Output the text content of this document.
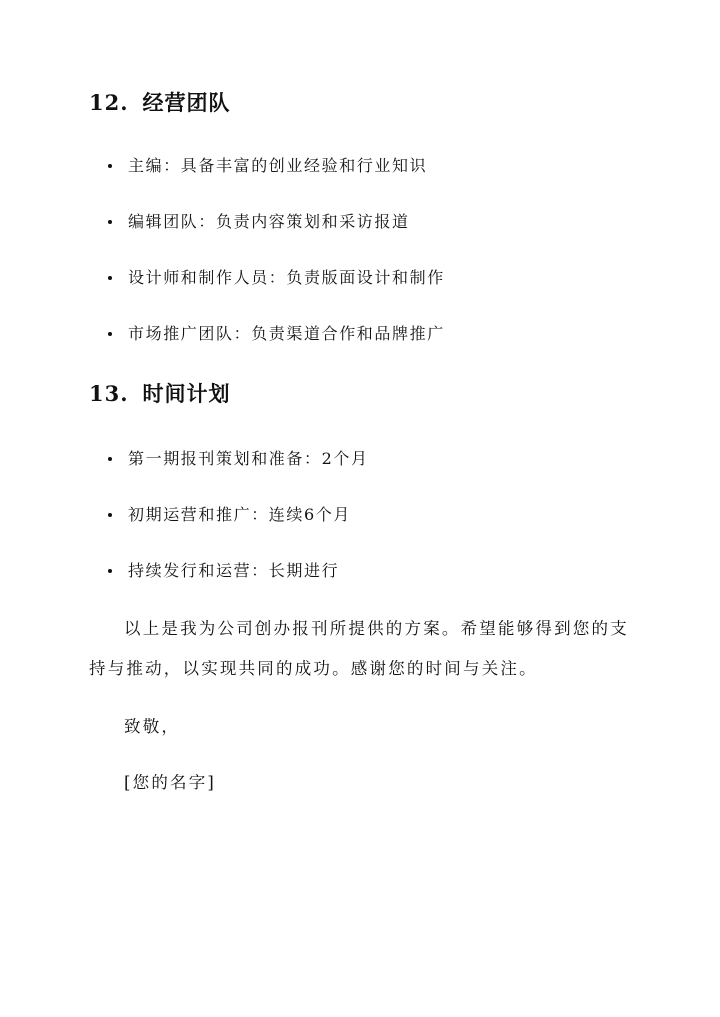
12. 经营团队
主编：具备丰富的创业经验和行业知识
编辑团队：负责内容策划和采访报道
设计师和制作人员：负责版面设计和制作
市场推广团队：负责渠道合作和品牌推广
13. 时间计划
第一期报刊策划和准备：2个月
初期运营和推广：连续6个月
持续发行和运营：长期进行

以上是我为公司创办报刊所提供的方案。希望能够得到您的支

持与推动，以实现共同的成功。感谢您的时间与关注。

致敬，

[您的名字]
